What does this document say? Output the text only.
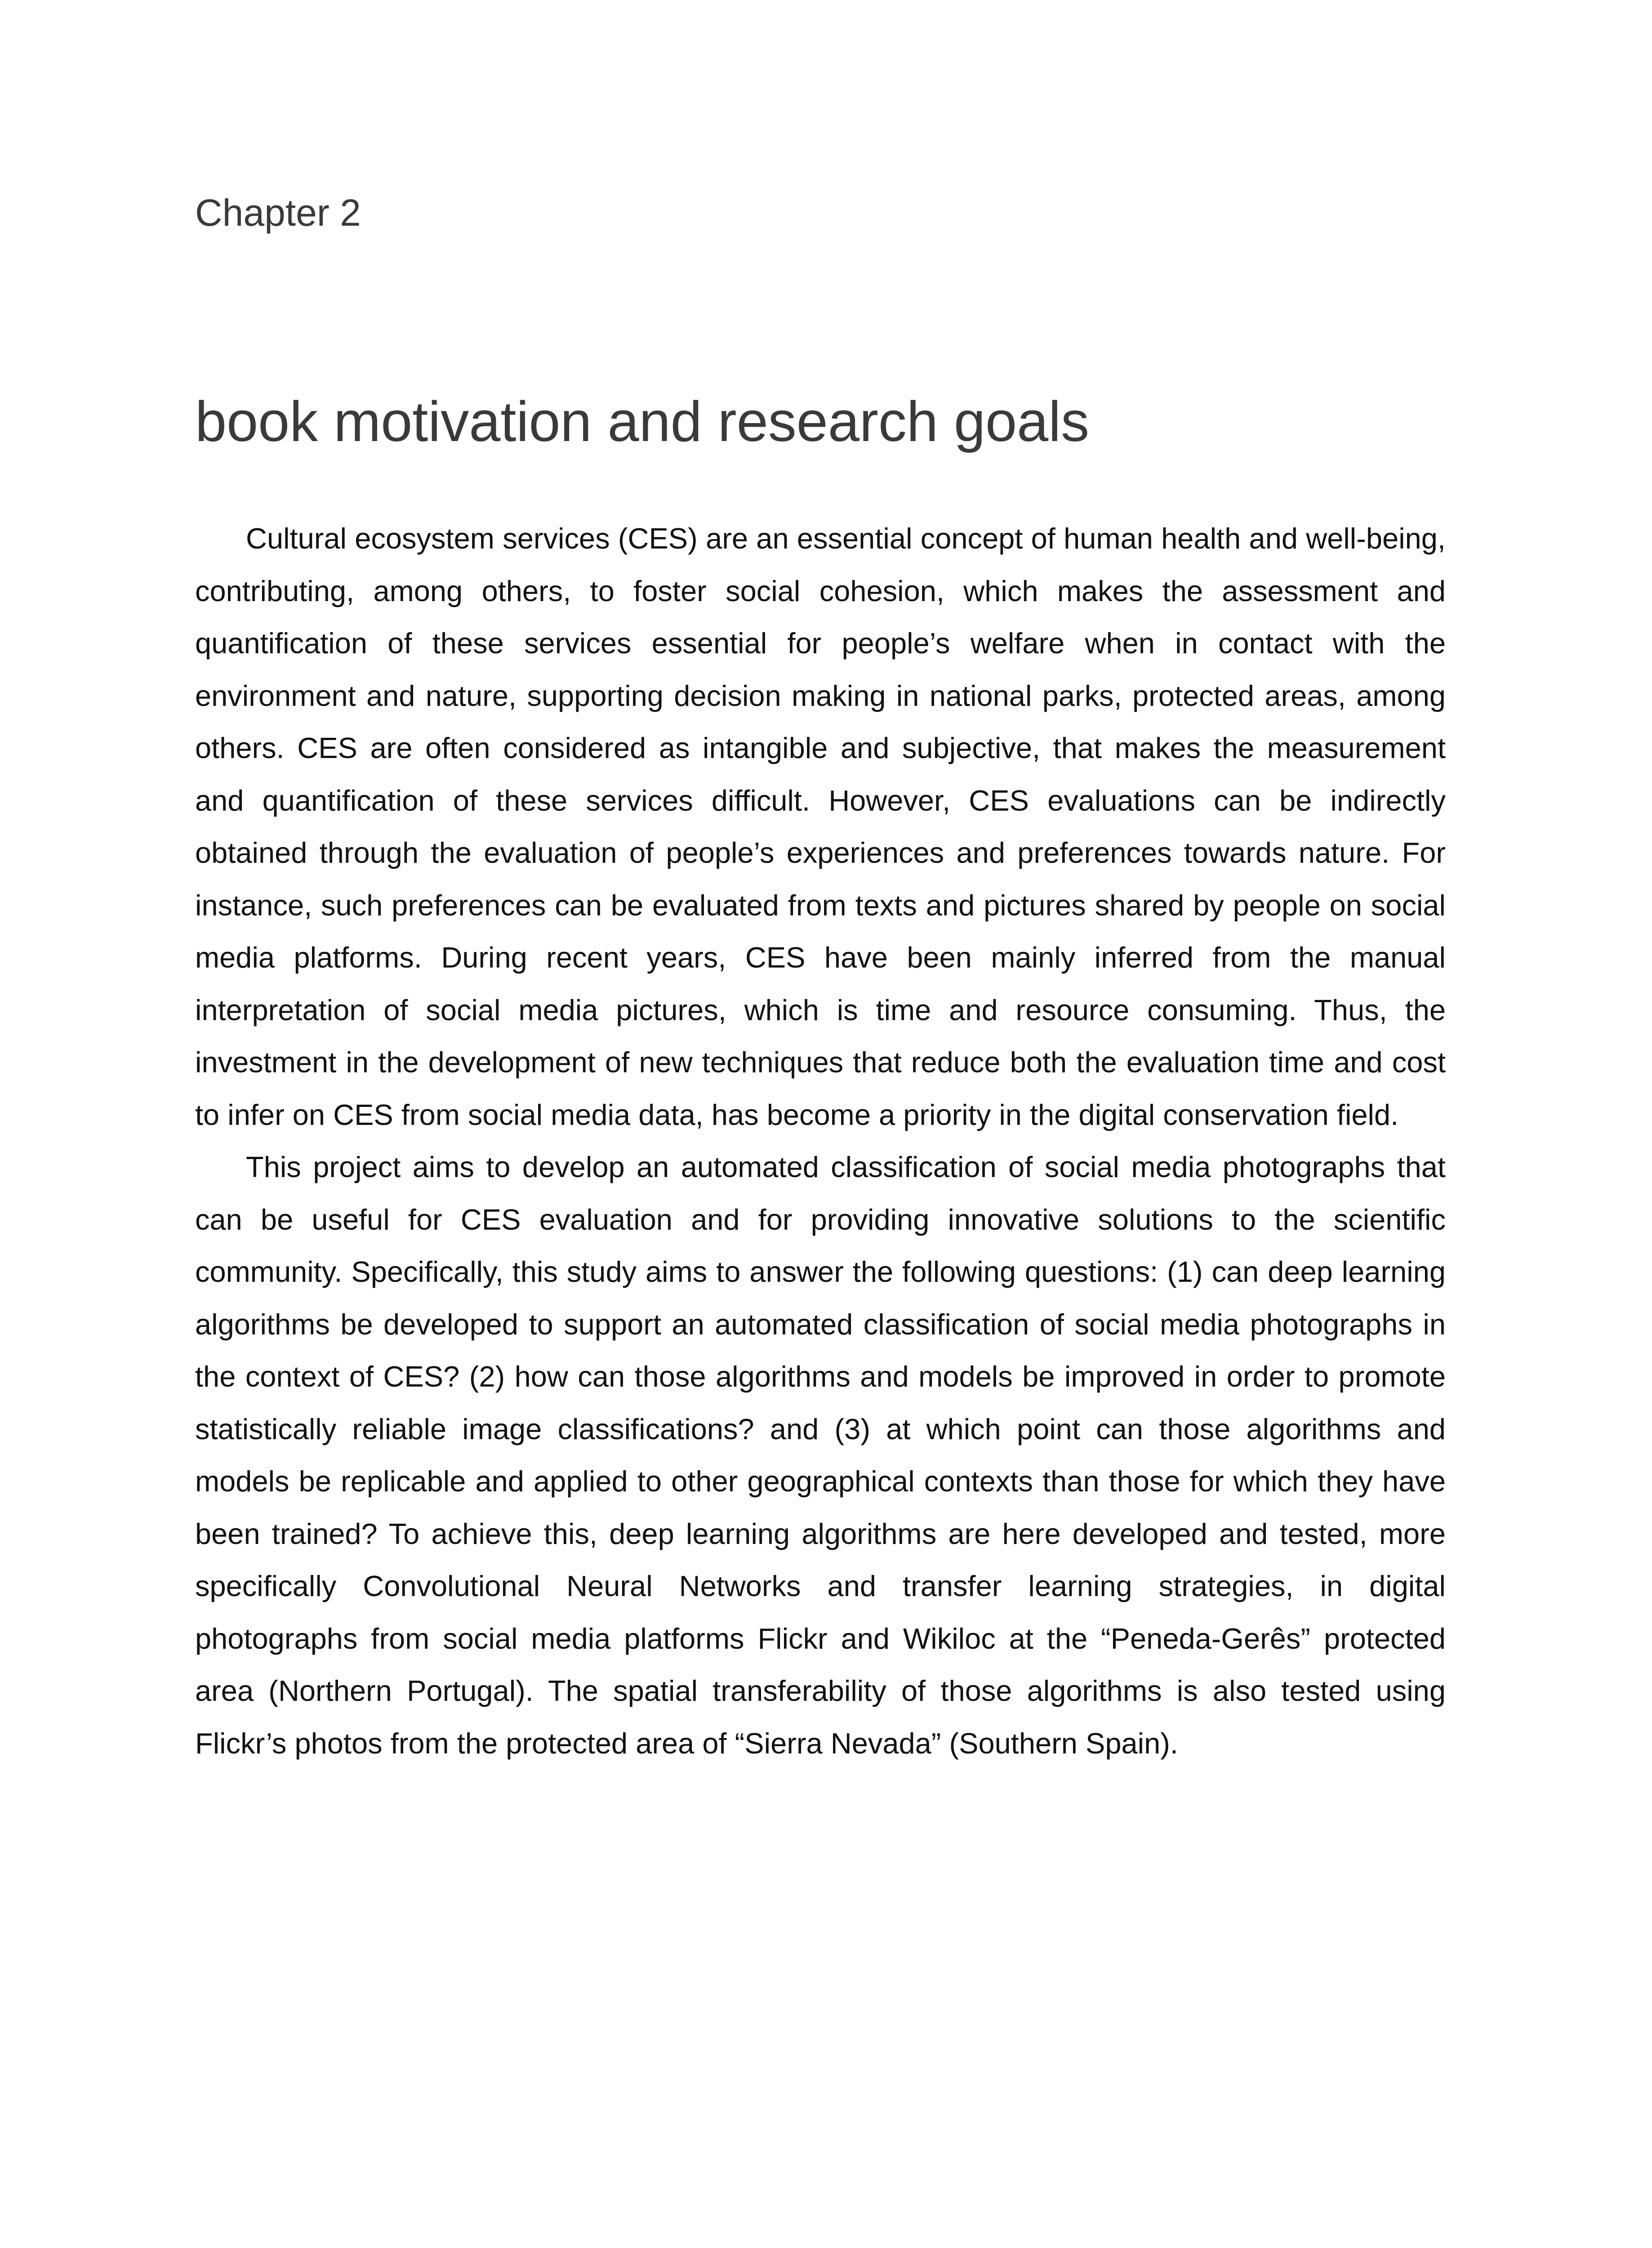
Chapter 2
book motivation and research goals

Cultural ecosystem services (CES) are an essential concept of human health and well-being, contributing, among others, to foster social cohesion, which makes the assessment and quantification of these services essential for people’s welfare when in contact with the environment and nature, supporting decision making in national parks, protected areas, among others. CES are often considered as intangible and subjective, that makes the measurement and quantification of these services difficult. However, CES evaluations can be indirectly obtained through the evaluation of people’s experiences and preferences towards nature. For instance, such preferences can be evaluated from texts and pictures shared by people on social media platforms. During recent years, CES have been mainly inferred from the manual interpretation of social media pictures, which is time and resource consuming. Thus, the investment in the development of new techniques that reduce both the evaluation time and cost to infer on CES from social media data, has become a priority in the digital conservation field.

This project aims to develop an automated classification of social media photographs that can be useful for CES evaluation and for providing innovative solutions to the scientific community. Specifically, this study aims to answer the following questions: (1) can deep learning algorithms be developed to support an automated classification of social media photographs in the context of CES? (2) how can those algorithms and models be improved in order to promote statistically reliable image classifications? and (3) at which point can those algorithms and models be replicable and applied to other geographical contexts than those for which they have been trained? To achieve this, deep learning algorithms are here developed and tested, more specifically Convolutional Neural Networks and transfer learning strategies, in digital photographs from social media platforms Flickr and Wikiloc at the “Peneda-Gerês” protected area (Northern Portugal). The spatial transferability of those algorithms is also tested using Flickr’s photos from the protected area of “Sierra Nevada” (Southern Spain).
